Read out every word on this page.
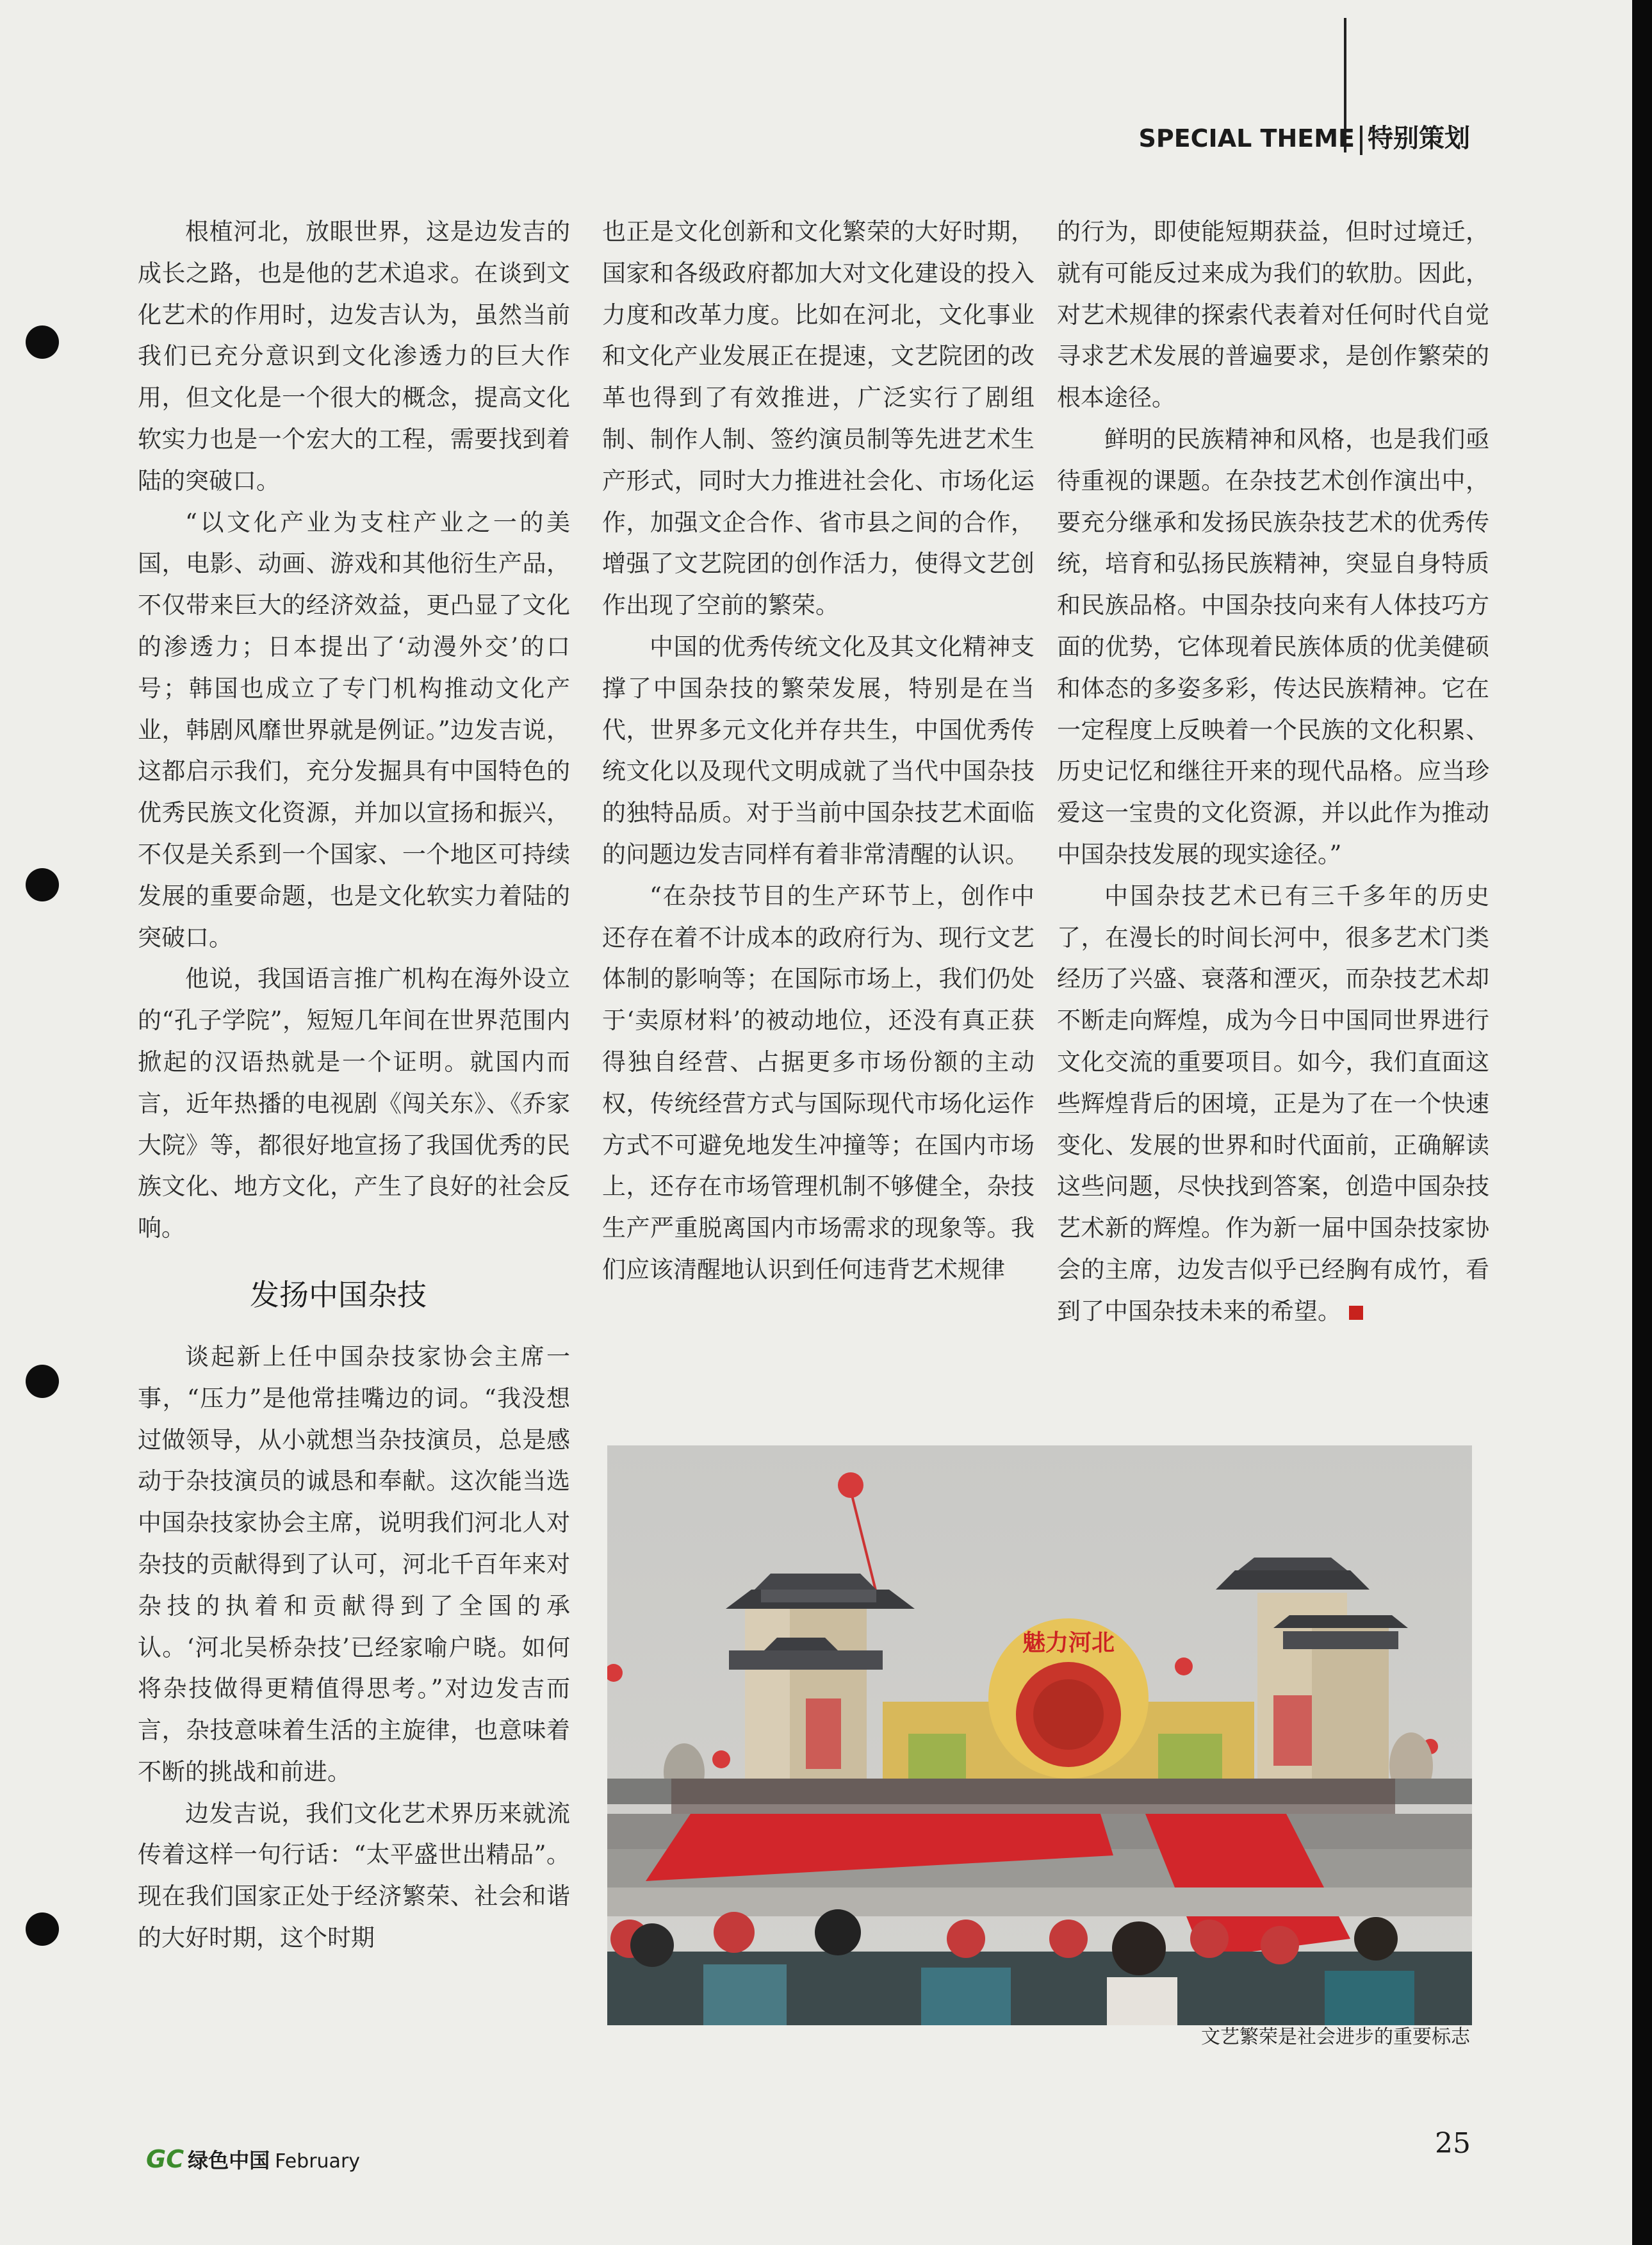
SPECIAL THEME 特别策划

根植河北，放眼世界，这是边发吉的成长之路，也是他的艺术追求。在谈到文化艺术的作用时，边发吉认为，虽然当前我们已充分意识到文化渗透力的巨大作用，但文化是一个很大的概念，提高文化软实力也是一个宏大的工程，需要找到着陆的突破口。

“以文化产业为支柱产业之一的美国，电影、动画、游戏和其他衍生产品，不仅带来巨大的经济效益，更凸显了文化的渗透力；日本提出了‘动漫外交’的口号；韩国也成立了专门机构推动文化产业，韩剧风靡世界就是例证。”边发吉说，这都启示我们，充分发掘具有中国特色的优秀民族文化资源，并加以宣扬和振兴，不仅是关系到一个国家、一个地区可持续发展的重要命题，也是文化软实力着陆的突破口。

他说，我国语言推广机构在海外设立的“孔子学院”，短短几年间在世界范围内掀起的汉语热就是一个证明。就国内而言，近年热播的电视剧《闯关东》、《乔家大院》等，都很好地宣扬了我国优秀的民族文化、地方文化，产生了良好的社会反响。

发扬中国杂技

谈起新上任中国杂技家协会主席一事，“压力”是他常挂嘴边的词。“我没想过做领导，从小就想当杂技演员，总是感动于杂技演员的诚恳和奉献。这次能当选中国杂技家协会主席，说明我们河北人对杂技的贡献得到了认可，河北千百年来对杂技的执着和贡献得到了全国的承认。‘河北吴桥杂技’已经家喻户晓。如何将杂技做得更精值得思考。”对边发吉而言，杂技意味着生活的主旋律，也意味着不断的挑战和前进。

边发吉说，我们文化艺术界历来就流传着这样一句行话：“太平盛世出精品”。现在我们国家正处于经济繁荣、社会和谐的大好时期，这个时期

也正是文化创新和文化繁荣的大好时期，国家和各级政府都加大对文化建设的投入力度和改革力度。比如在河北，文化事业和文化产业发展正在提速，文艺院团的改革也得到了有效推进，广泛实行了剧组制、制作人制、签约演员制等先进艺术生产形式，同时大力推进社会化、市场化运作，加强文企合作、省市县之间的合作，增强了文艺院团的创作活力，使得文艺创作出现了空前的繁荣。

中国的优秀传统文化及其文化精神支撑了中国杂技的繁荣发展，特别是在当代，世界多元文化并存共生，中国优秀传统文化以及现代文明成就了当代中国杂技的独特品质。对于当前中国杂技艺术面临的问题边发吉同样有着非常清醒的认识。

“在杂技节目的生产环节上，创作中还存在着不计成本的政府行为、现行文艺体制的影响等；在国际市场上，我们仍处于‘卖原材料’的被动地位，还没有真正获得独自经营、占据更多市场份额的主动权，传统经营方式与国际现代市场化运作方式不可避免地发生冲撞等；在国内市场上，还存在市场管理机制不够健全，杂技生产严重脱离国内市场需求的现象等。我们应该清醒地认识到任何违背艺术规律

的行为，即使能短期获益，但时过境迁，就有可能反过来成为我们的软肋。因此，对艺术规律的探索代表着对任何时代自觉寻求艺术发展的普遍要求，是创作繁荣的根本途径。

鲜明的民族精神和风格，也是我们亟待重视的课题。在杂技艺术创作演出中，要充分继承和发扬民族杂技艺术的优秀传统，培育和弘扬民族精神，突显自身特质和民族品格。中国杂技向来有人体技巧方面的优势，它体现着民族体质的优美健硕和体态的多姿多彩，传达民族精神。它在一定程度上反映着一个民族的文化积累、历史记忆和继往开来的现代品格。应当珍爱这一宝贵的文化资源，并以此作为推动中国杂技发展的现实途径。”

中国杂技艺术已有三千多年的历史了，在漫长的时间长河中，很多艺术门类经历了兴盛、衰落和湮灭，而杂技艺术却不断走向辉煌，成为今日中国同世界进行文化交流的重要项目。如今，我们直面这些辉煌背后的困境，正是为了在一个快速变化、发展的世界和时代面前，正确解读这些问题，尽快找到答案，创造中国杂技艺术新的辉煌。作为新一届中国杂技家协会的主席，边发吉似乎已经胸有成竹，看到了中国杂技未来的希望。

魅力河北
文艺繁荣是社会进步的重要标志
GC 绿色中国 February
25
